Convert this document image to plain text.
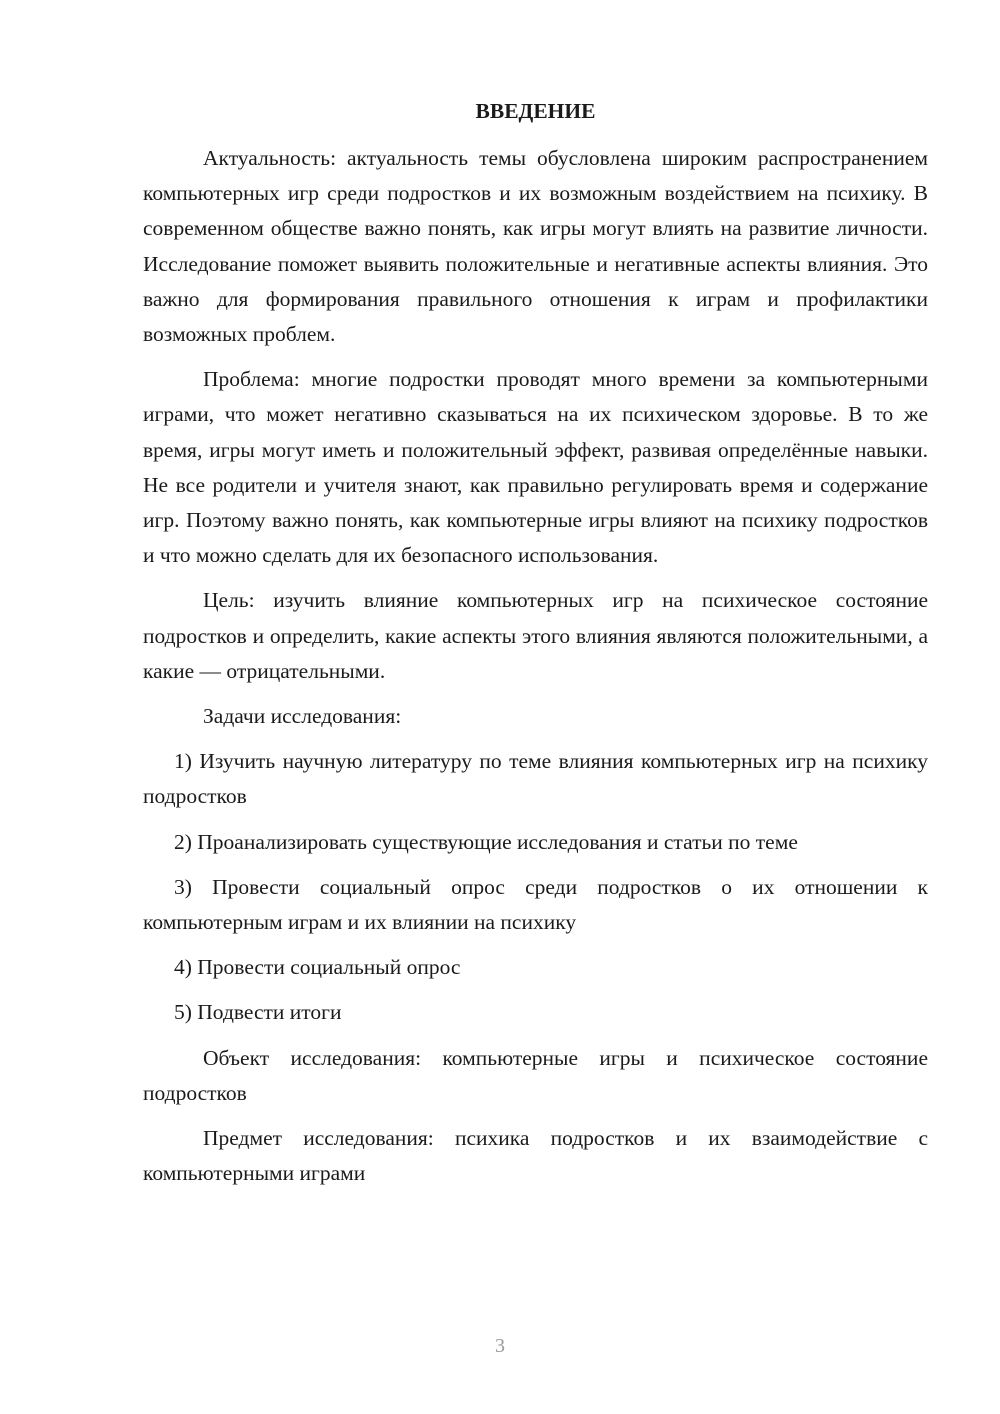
ВВЕДЕНИЕ

Актуальность: актуальность темы обусловлена широким распространением компьютерных игр среди подростков и их возможным воздействием на психику. В современном обществе важно понять, как игры могут влиять на развитие личности. Исследование поможет выявить положительные и негативные аспекты влияния. Это важно для формирования правильного отношения к играм и профилактики возможных проблем.

Проблема: многие подростки проводят много времени за компьютерными играми, что может негативно сказываться на их психическом здоровье. В то же время, игры могут иметь и положительный эффект, развивая определённые навыки. Не все родители и учителя знают, как правильно регулировать время и содержание игр. Поэтому важно понять, как компьютерные игры влияют на психику подростков и что можно сделать для их безопасного использования.

Цель: изучить влияние компьютерных игр на психическое состояние подростков и определить, какие аспекты этого влияния являются положительными, а какие — отрицательными.

Задачи исследования:

1) Изучить научную литературу по теме влияния компьютерных игр на психику подростков

2) Проанализировать существующие исследования и статьи по теме

3) Провести социальный опрос среди подростков о их отношении к компьютерным играм и их влиянии на психику

4) Провести социальный опрос

5) Подвести итоги

Объект исследования: компьютерные игры и психическое состояние подростков

Предмет исследования: психика подростков и их взаимодействие с компьютерными играми

3
